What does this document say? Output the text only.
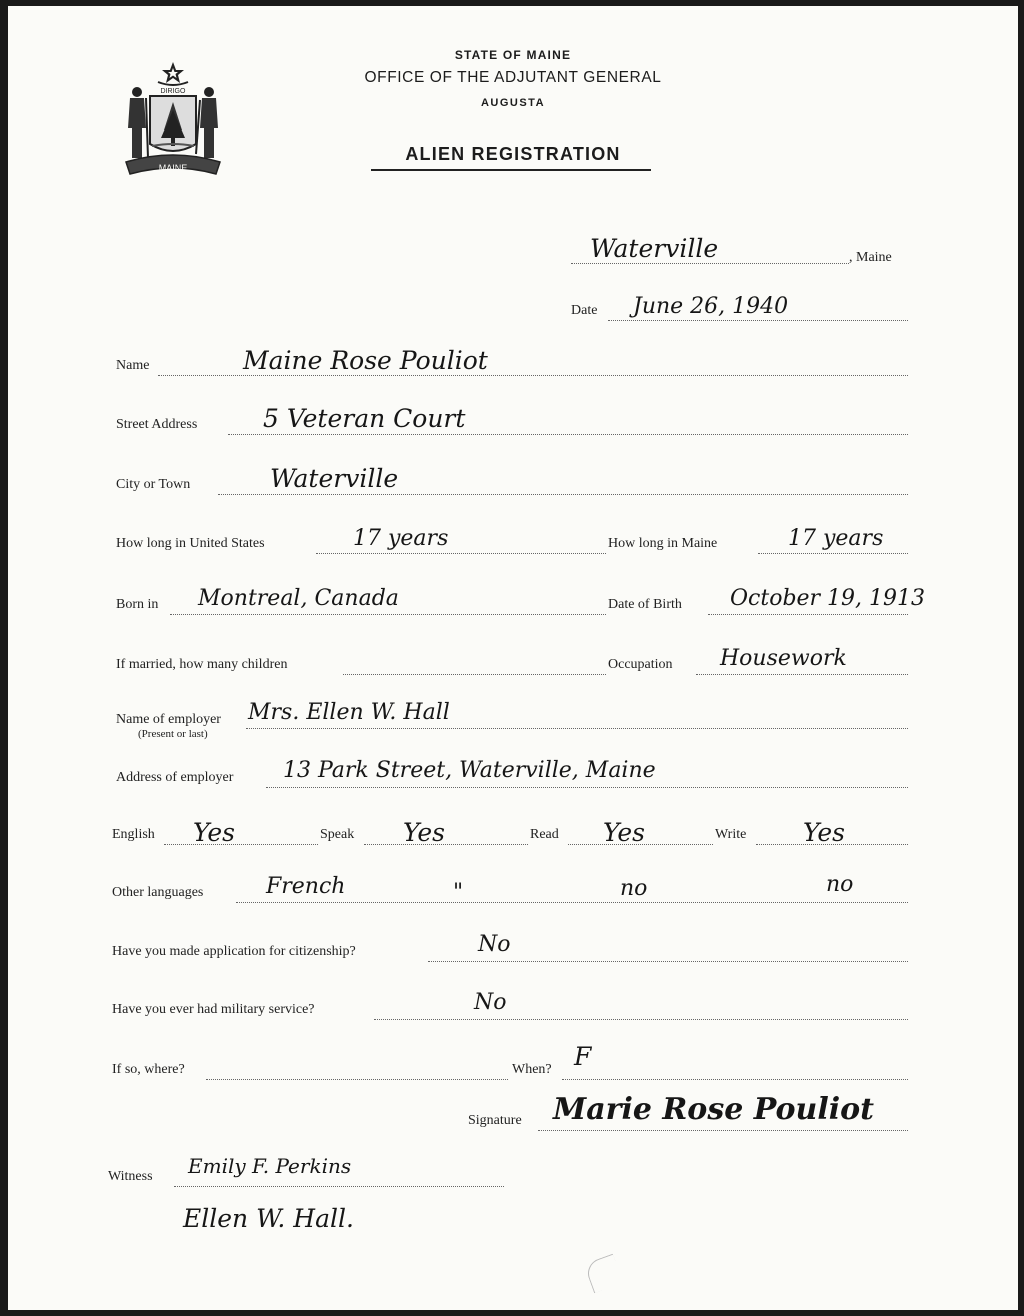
DIRIGO
MAINE
STATE OF MAINE
OFFICE OF THE ADJUTANT GENERAL
AUGUSTA
ALIEN REGISTRATION
Waterville	, Maine
Date June 26, 1940
Name	Maine Rose Pouliot
Street Address	5 Veteran Court
City or Town	Waterville
How long in United States	17 years	How long in Maine	17 years
Born in Montreal, Canada	Date of Birth October 19, 1913
If married, how many children	Occupation Housework
Name of employer
(Present or last)
Mrs. Ellen W. Hall
Address of employer 13 Park Street, Waterville, Maine
English Yes	Speak Yes	Read Yes	Write Yes
Other languages	French	"	no	no
Have you made application for citizenship?	No
Have you ever had military service?	No
If so, where?	When? F
Signature Marie Rose Pouliot
Witness Emily F. Perkins
Ellen W. Hall.
